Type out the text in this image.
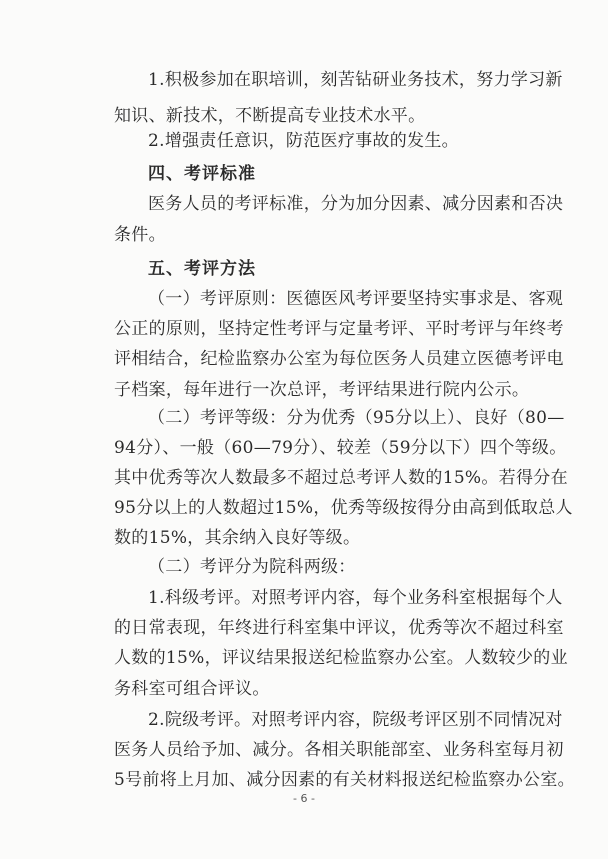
1.积极参加在职培训，刻苦钻研业务技术，努力学习新
知识、新技术，不断提高专业技术水平。
2.增强责任意识，防范医疗事故的发生。
四、考评标准
医务人员的考评标准，分为加分因素、减分因素和否决
条件。
五、考评方法
（一）考评原则：医德医风考评要坚持实事求是、客观
公正的原则，坚持定性考评与定量考评、平时考评与年终考
评相结合，纪检监察办公室为每位医务人员建立医德考评电
子档案，每年进行一次总评，考评结果进行院内公示。
（二）考评等级：分为优秀（95分以上）、良好（80—
94分）、一般（60—79分）、较差（59分以下）四个等级。
其中优秀等次人数最多不超过总考评人数的15%。若得分在
95分以上的人数超过15%，优秀等级按得分由高到低取总人
数的15%，其余纳入良好等级。
（二）考评分为院科两级：
1.科级考评。对照考评内容，每个业务科室根据每个人
的日常表现，年终进行科室集中评议，优秀等次不超过科室
人数的15%，评议结果报送纪检监察办公室。人数较少的业
务科室可组合评议。
2.院级考评。对照考评内容，院级考评区别不同情况对
医务人员给予加、减分。各相关职能部室、业务科室每月初
5号前将上月加、减分因素的有关材料报送纪检监察办公室。
- 6 -
